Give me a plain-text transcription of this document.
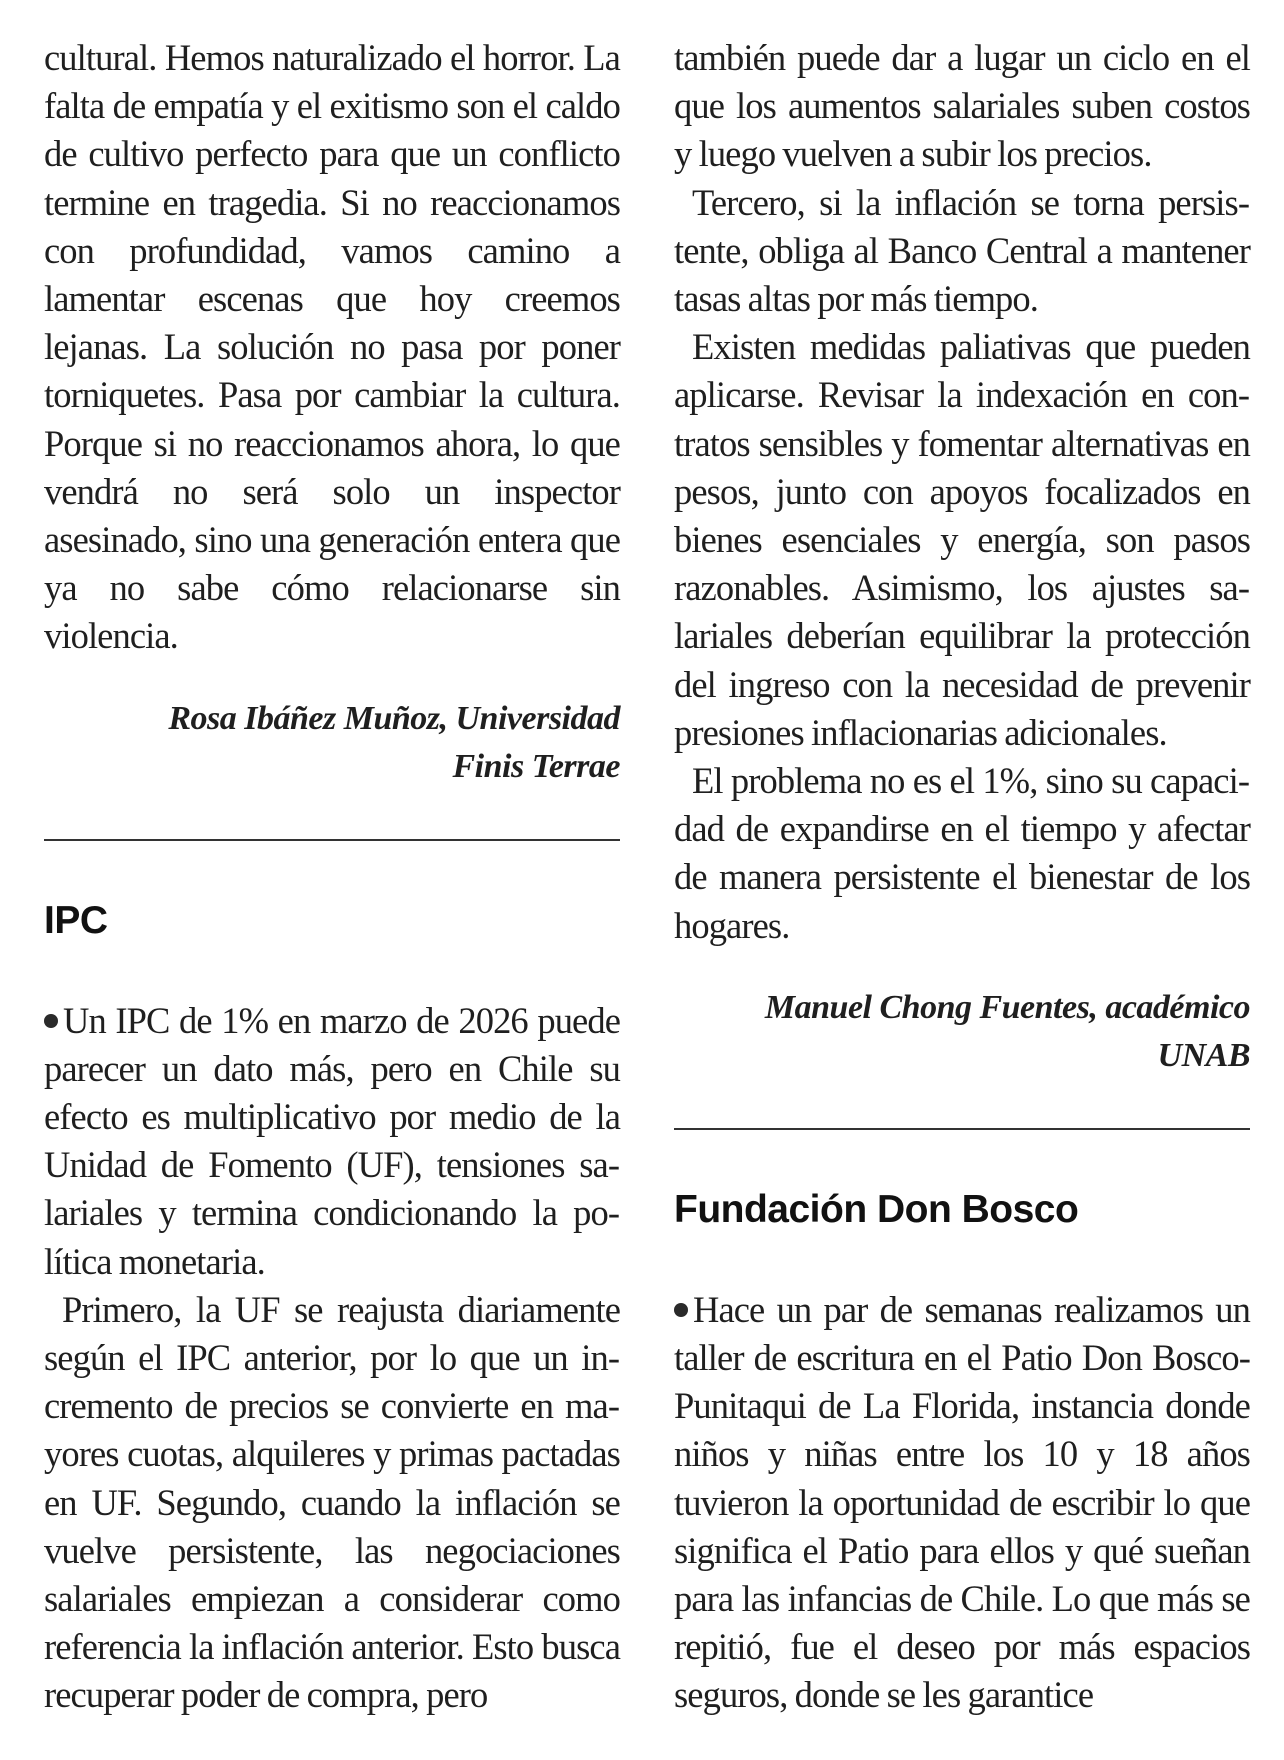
cultural. Hemos naturalizado el horror. La falta de empatía y el exitismo son el caldo de cultivo perfecto para que un conflicto termine en tragedia. Si no reaccionamos con profundidad, vamos camino a lamentar escenas que hoy creemos lejanas. La solución no pasa por poner torniquetes. Pasa por cambiar la cultura. Porque si no reaccionamos ahora, lo que vendrá no será solo un inspector asesinado, sino una generación entera que ya no sabe cómo relacionarse sin violencia.

Rosa Ibáñez Muñoz, Universidad

Finis Terrae

IPC

Un IPC de 1% en marzo de 2026 puede parecer un dato más, pero en Chile su efecto es multiplicativo por medio de la Unidad de Fomento (UF), tensiones salariales y termina condicionando la política monetaria.

Primero, la UF se reajusta diariamente según el IPC anterior, por lo que un incremento de precios se convierte en mayores cuotas, alquileres y primas pactadas en UF. Segundo, cuando la inflación se vuelve persistente, las negociaciones salariales empiezan a considerar como referencia la inflación anterior. Esto busca recuperar poder de compra, pero

también puede dar a lugar un ciclo en el que los aumentos salariales suben costos y luego vuelven a subir los precios.

Tercero, si la inflación se torna persistente, obliga al Banco Central a mantener tasas altas por más tiempo.

Existen medidas paliativas que pueden aplicarse. Revisar la indexación en contratos sensibles y fomentar alternativas en pesos, junto con apoyos focalizados en bienes esenciales y energía, son pasos razonables. Asimismo, los ajustes salariales deberían equilibrar la protección del ingreso con la necesidad de prevenir presiones inflacionarias adicionales.

El problema no es el 1%, sino su capacidad de expandirse en el tiempo y afectar de manera persistente el bienestar de los hogares.

Manuel Chong Fuentes, académico

UNAB

Fundación Don Bosco

Hace un par de semanas realizamos un taller de escritura en el Patio Don Bosco-Punitaqui de La Florida, instancia donde niños y niñas entre los 10 y 18 años tuvieron la oportunidad de escribir lo que significa el Patio para ellos y qué sueñan para las infancias de Chile. Lo que más se repitió, fue el deseo por más espacios seguros, donde se les garantice
